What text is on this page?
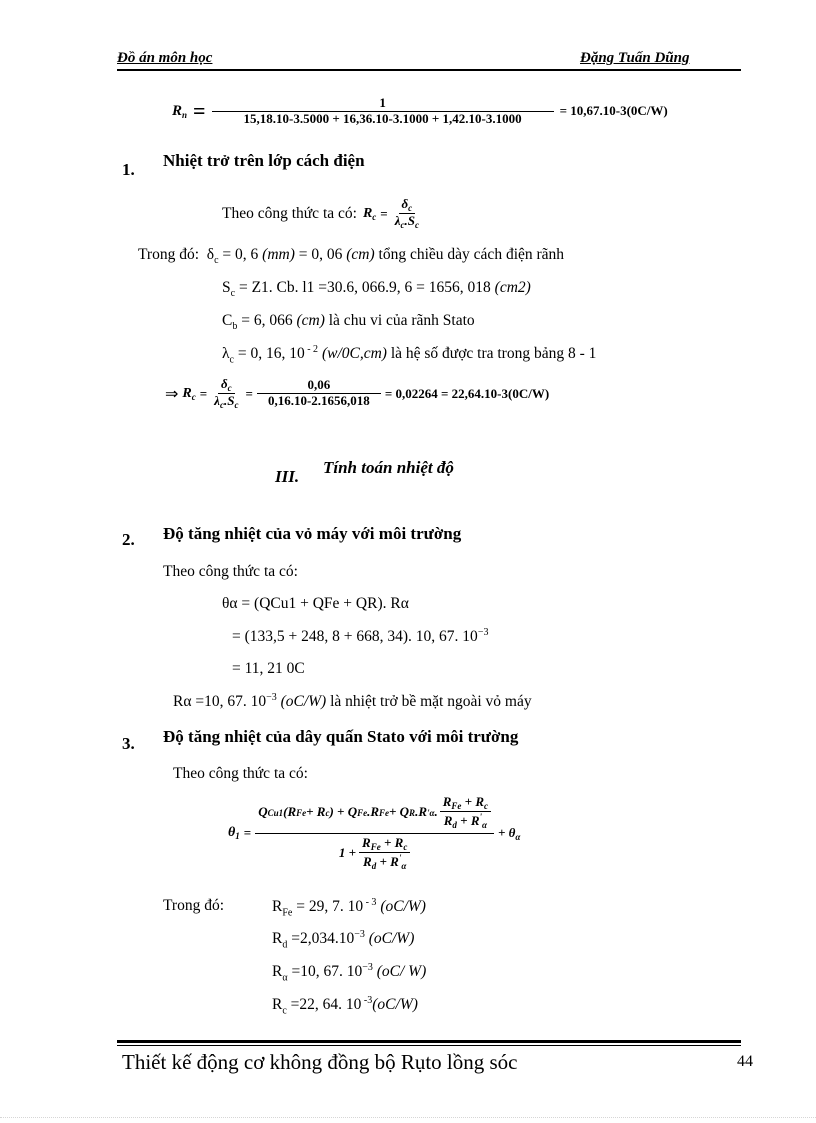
Đồ án môn học	Đặng Tuấn Dũng
$R_n = \frac{1}{15,18.10-3.5000 + 16,36.10-3.1000 + 1,42.10-3.1000} = 10,67.10-3(0C/W)$
1. Nhiệt trở trên lớp cách điện
Theo công thức ta có: $R_c = \frac{\delta_c}{\lambda_c.S_c}$
Trong đó: $\delta_c = 0$, 6 (mm) = 0, 06 (cm) tổng chiều dày cách điện rãnh
$S_c = Z1$. Cb. l1 =30.6, 066.9, 6 = 1656, 018 (cm2)
$C_b = 6$, 066 (cm) là chu vi của rãnh Stato
$\lambda_c = 0$, 16, 10 $^{- 2}$ (w/0C,cm) là hệ số được tra trong bảng 8 - 1
⇒ $R_c = \frac{\delta_c}{\lambda_c.S_c} = \frac{0,06}{0,16.10-2.1656,018} = 0,02264 = 22,64.10-3(0C/W)$
III. Tính toán nhiệt độ
2. Độ tăng nhiệt của vỏ máy với môi trường
Theo công thức ta có:
θα = (QCu1 + QFe + QR). Rα
= (133,5 + 248, 8 + 668, 34). 10, 67. $10^{-3}$
= 11, 21 0C
Rα =10, 67. $10^{-3}$ (oC/W) là nhiệt trở bề mặt ngoài vỏ máy
3. Độ tăng nhiệt của dây quấn Stato với môi trường
Theo công thức ta có:
$\theta_1 = \frac{Q Cu1 (R Fe + R c ) + Q Fe .R Fe + Q R .R ' \alpha . \frac{R_{Fe} + R_c}{R_d + R'_\alpha}}{1 + \frac{R_{Fe} + R_c}{R_d + R'_\alpha}} + \theta_\alpha$
Trong đó:	$R_{Fe} = 29$, 7. 10 $^{- 3}$ (oC/W)
$R_d =2,034.10^{-3}$ (oC/W)
$R_\alpha =10$, 67. $10^{-3}$ (oC/ W)
$R_c =22$, 64. 10 $^{-3}$(oC/W)
Thiết kế động cơ không đồng bộ Rụto lồng sóc	44
